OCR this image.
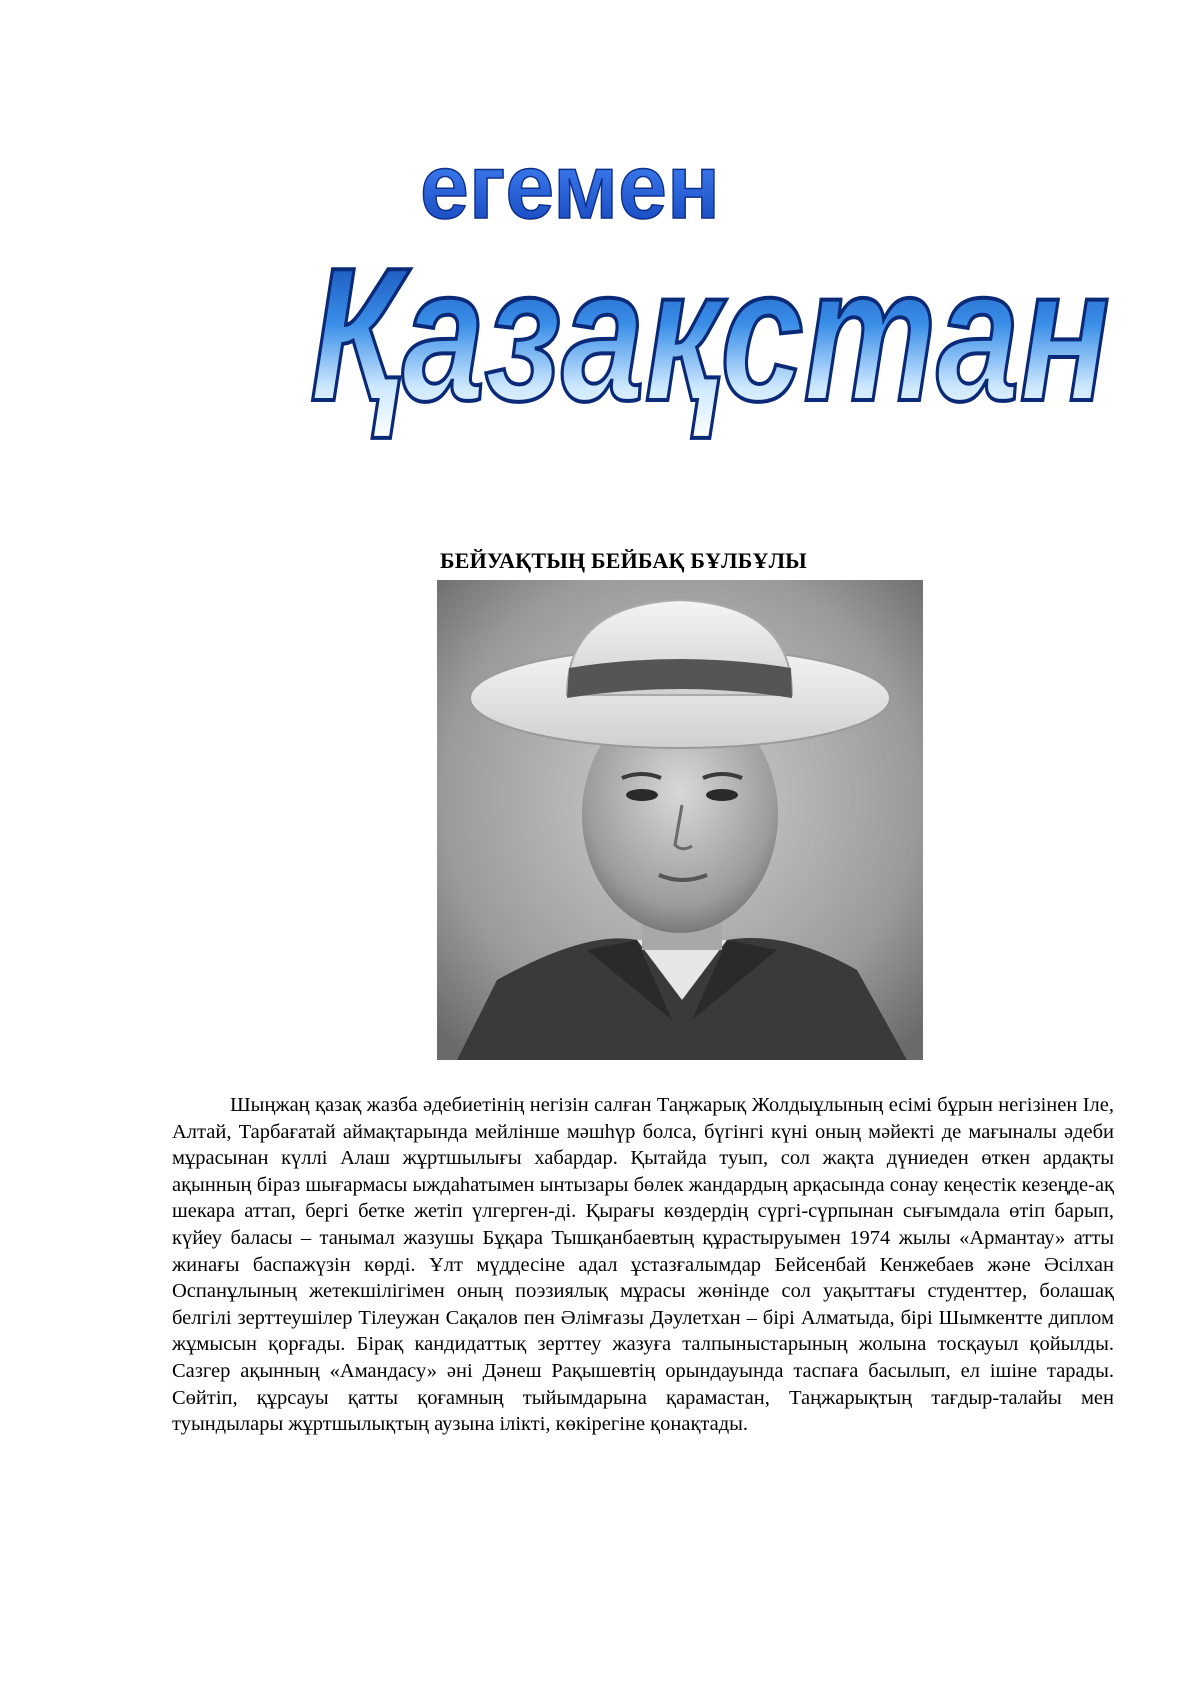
егемен
Қазақстан
БЕЙУАҚТЫҢ БЕЙБАҚ БҰЛБҰЛЫ

Шыңжаң қазақ жазба әдебиетінің негізін салған Таңжарық Жолдыұлының есімі бұрын негізінен Іле, Алтай, Тарбағатай аймақтарында мейлінше мәшһүр болса, бүгінгі күні оның мәйекті де мағыналы әдеби мұрасынан күллі Алаш жұртшылығы хабардар. Қытайда туып, сол жақта дүниеден өткен ардақты ақынның біраз шығармасы ыждаһатымен ынтызары бөлек жандардың арқасында сонау кеңестік кезеңде-ақ шекара аттап, бергі бетке жетіп үлгерген-ді. Қырағы көздердің сүргі-сүрпынан сығымдала өтіп барып, күйеу баласы – танымал жазушы Бұқара Тышқанбаевтың құрастыруымен 1974 жылы «Армантау» атты жинағы баспажүзін көрді. Ұлт мүддесіне адал ұстазғалымдар Бейсенбай Кенжебаев және Әсілхан Оспанұлының жетекшілігімен оның поэзиялық мұрасы жөнінде сол уақыттағы студенттер, болашақ белгілі зерттеушілер Тілеужан Сақалов пен Әлімғазы Дәулетхан – бірі Алматыда, бірі Шымкентте диплом жұмысын қорғады. Бірақ кандидаттық зерттеу жазуға талпыныстарының жолына тосқауыл қойылды. Сазгер ақынның «Амандасу» әні Дәнеш Рақышевтің орындауында таспаға басылып, ел ішіне тарады. Сөйтіп, құрсауы қатты қоғамның тыйымдарына қарамастан, Таңжарықтың тағдыр-талайы мен туындылары жұртшылықтың аузына ілікті, көкірегіне қонақтады.
